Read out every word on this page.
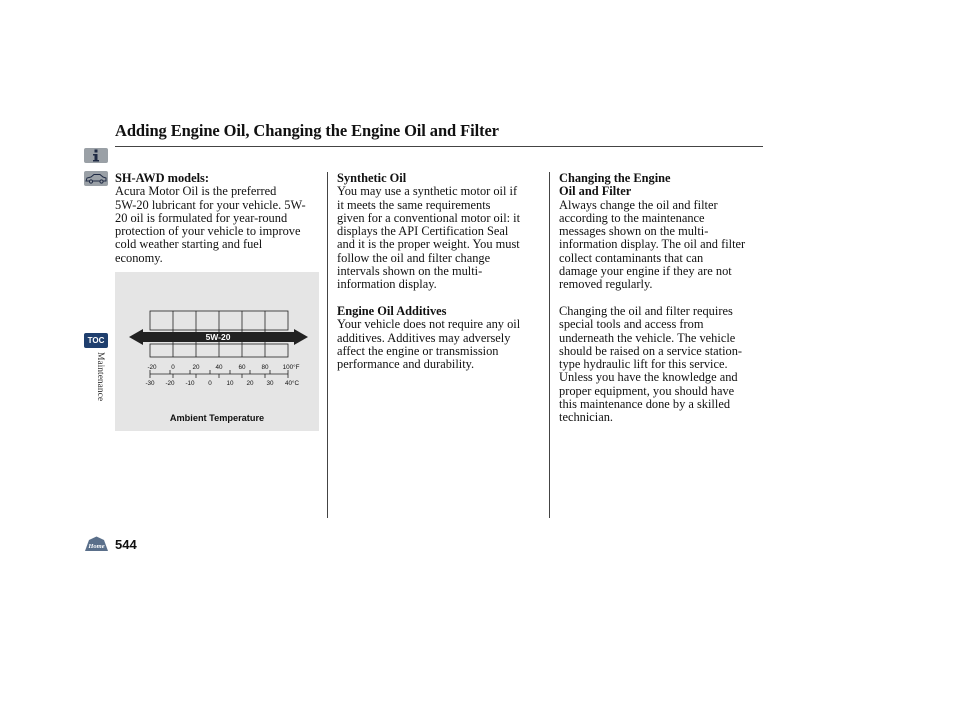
Adding Engine Oil, Changing the Engine Oil and Filter
TOC
Maintenance

SH-AWD models:

Acura Motor Oil is the preferred

5W-20 lubricant for your vehicle. 5W-

20 oil is formulated for year-round

protection of your vehicle to improve

cold weather starting and fuel

economy.

5W-20
-20 0	20	40	60	80 100°F
-30 -20 -10 0 10 20 30 40°C
Ambient Temperature

Synthetic Oil

You may use a synthetic motor oil if

it meets the same requirements

given for a conventional motor oil: it

displays the API Certification Seal

and it is the proper weight. You must

follow the oil and filter change

intervals shown on the multi-

information display.

Engine Oil Additives

Your vehicle does not require any oil

additives. Additives may adversely

affect the engine or transmission

performance and durability.

Changing the Engine

Oil and Filter

Always change the oil and filter

according to the maintenance

messages shown on the multi-

information display. The oil and filter

collect contaminants that can

damage your engine if they are not

removed regularly.

Changing the oil and filter requires

special tools and access from

underneath the vehicle. The vehicle

should be raised on a service station-

type hydraulic lift for this service.

Unless you have the knowledge and

proper equipment, you should have

this maintenance done by a skilled

technician.

Home 544
